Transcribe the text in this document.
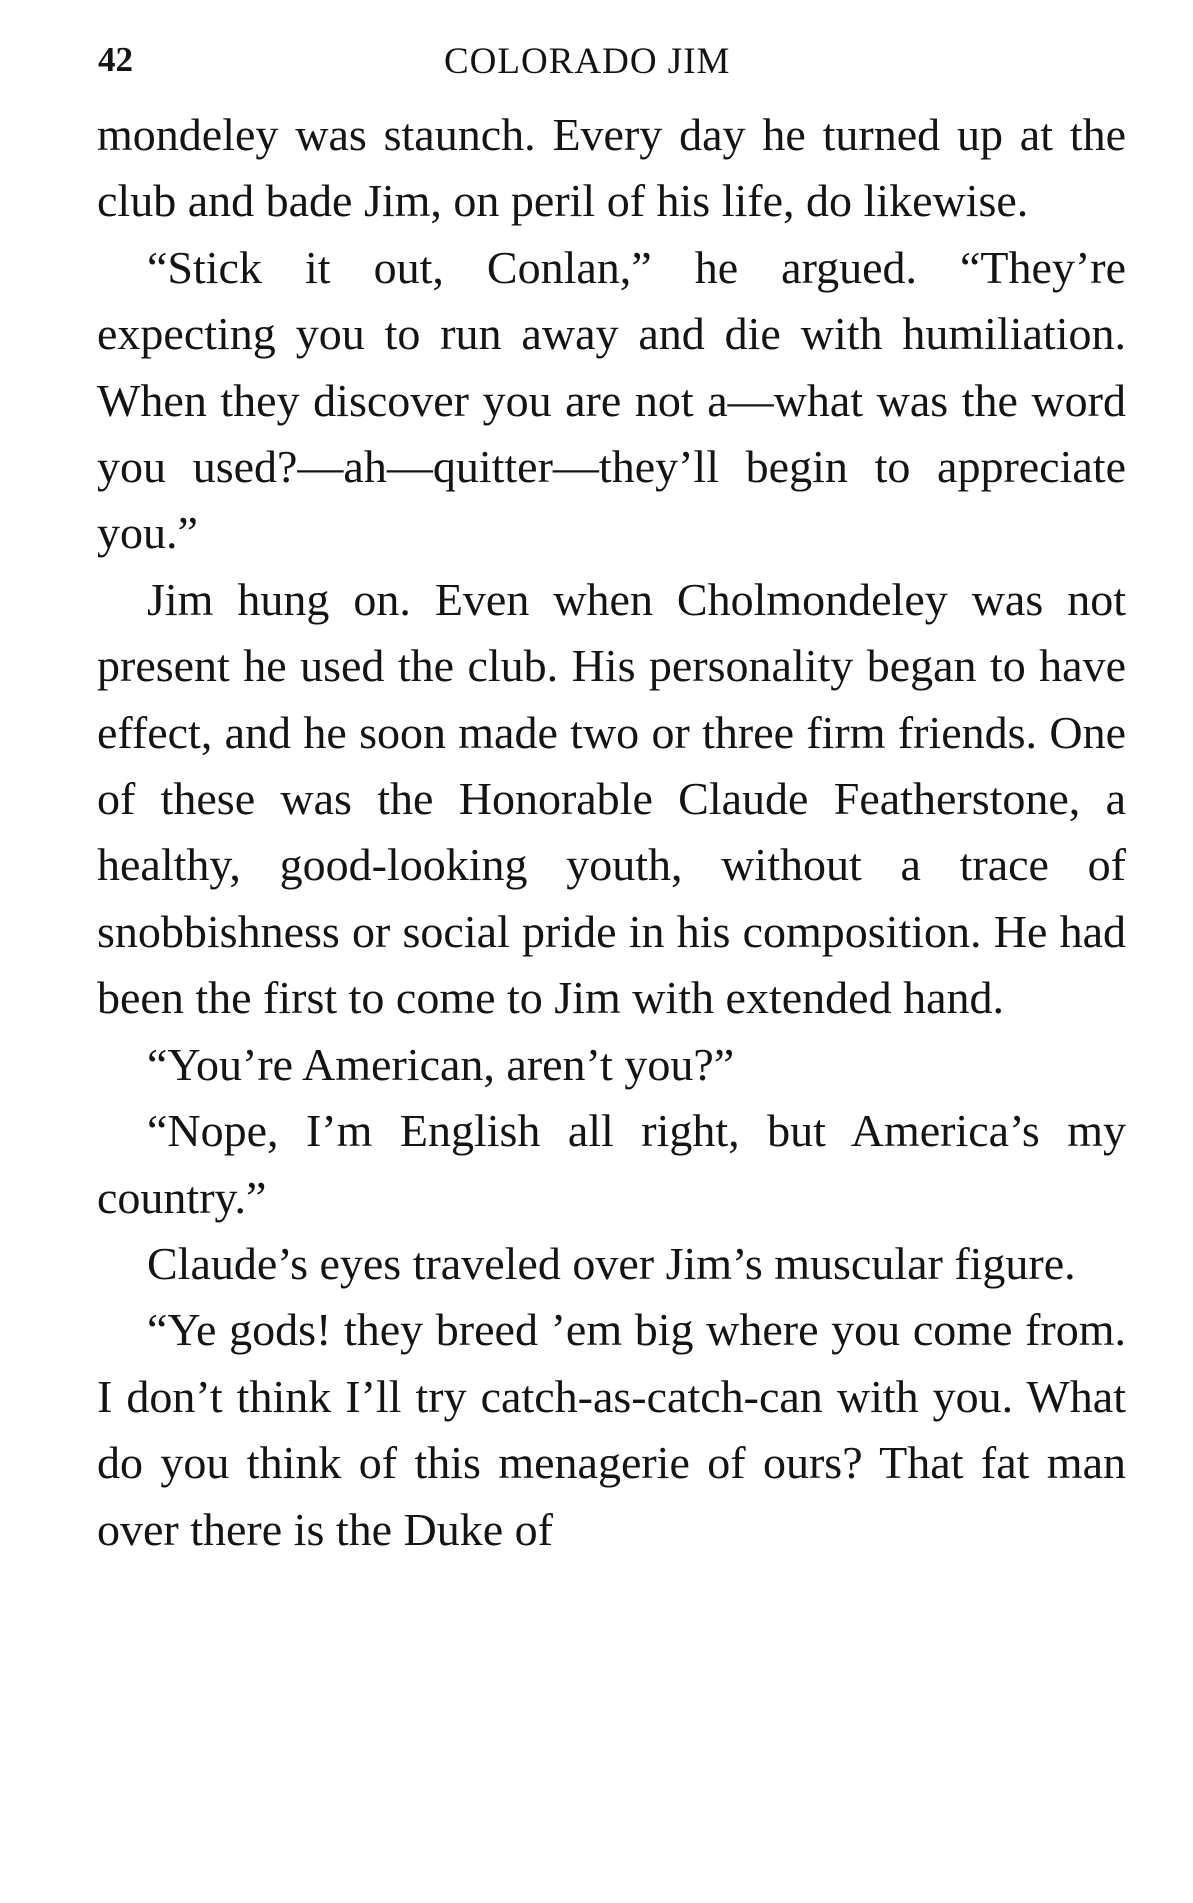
42	COLORADO JIM

mondeley was staunch. Every day he turned up at the club and bade Jim, on peril of his life, do likewise.

“Stick it out, Conlan,” he argued. “They’re expecting you to run away and die with humiliation. When they discover you are not a—what was the word you used?—ah—quitter—they’ll begin to appreciate you.”

Jim hung on. Even when Cholmondeley was not present he used the club. His personality began to have effect, and he soon made two or three firm friends. One of these was the Honorable Claude Featherstone, a healthy, good-looking youth, without a trace of snobbishness or social pride in his composition. He had been the first to come to Jim with extended hand.

“You’re American, aren’t you?”

“Nope, I’m English all right, but America’s my country.”

Claude’s eyes traveled over Jim’s muscular figure.

“Ye gods! they breed ’em big where you come from. I don’t think I’ll try catch-as-catch-can with you. What do you think of this menagerie of ours? That fat man over there is the Duke of
